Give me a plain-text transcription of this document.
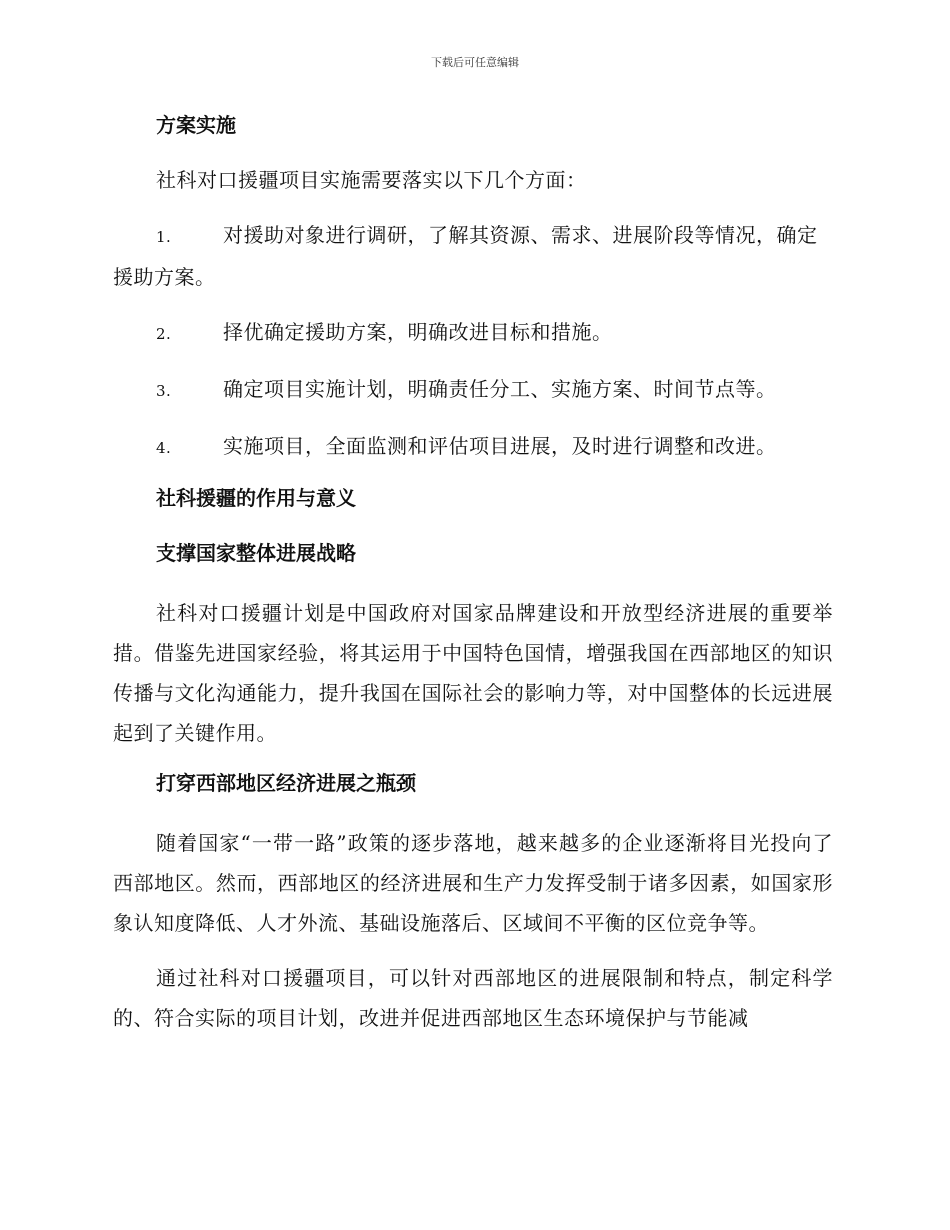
下载后可任意编辑
方案实施

社科对口援疆项目实施需要落实以下几个方面：

1.	对援助对象进行调研，了解其资源、需求、进展阶段等情况，确定援助方案。
2.	择优确定援助方案，明确改进目标和措施。
3.	确定项目实施计划，明确责任分工、实施方案、时间节点等。
4.	实施项目，全面监测和评估项目进展，及时进行调整和改进。
社科援疆的作用与意义
支撑国家整体进展战略

社科对口援疆计划是中国政府对国家品牌建设和开放型经济进展的重要举措。借鉴先进国家经验，将其运用于中国特色国情，增强我国在西部地区的知识传播与文化沟通能力，提升我国在国际社会的影响力等，对中国整体的长远进展起到了关键作用。

打穿西部地区经济进展之瓶颈

随着国家“一带一路”政策的逐步落地，越来越多的企业逐渐将目光投向了西部地区。然而，西部地区的经济进展和生产力发挥受制于诸多因素，如国家形象认知度降低、人才外流、基础设施落后、区域间不平衡的区位竞争等。

通过社科对口援疆项目，可以针对西部地区的进展限制和特点，制定科学的、符合实际的项目计划，改进并促进西部地区生态环境保护与节能减
